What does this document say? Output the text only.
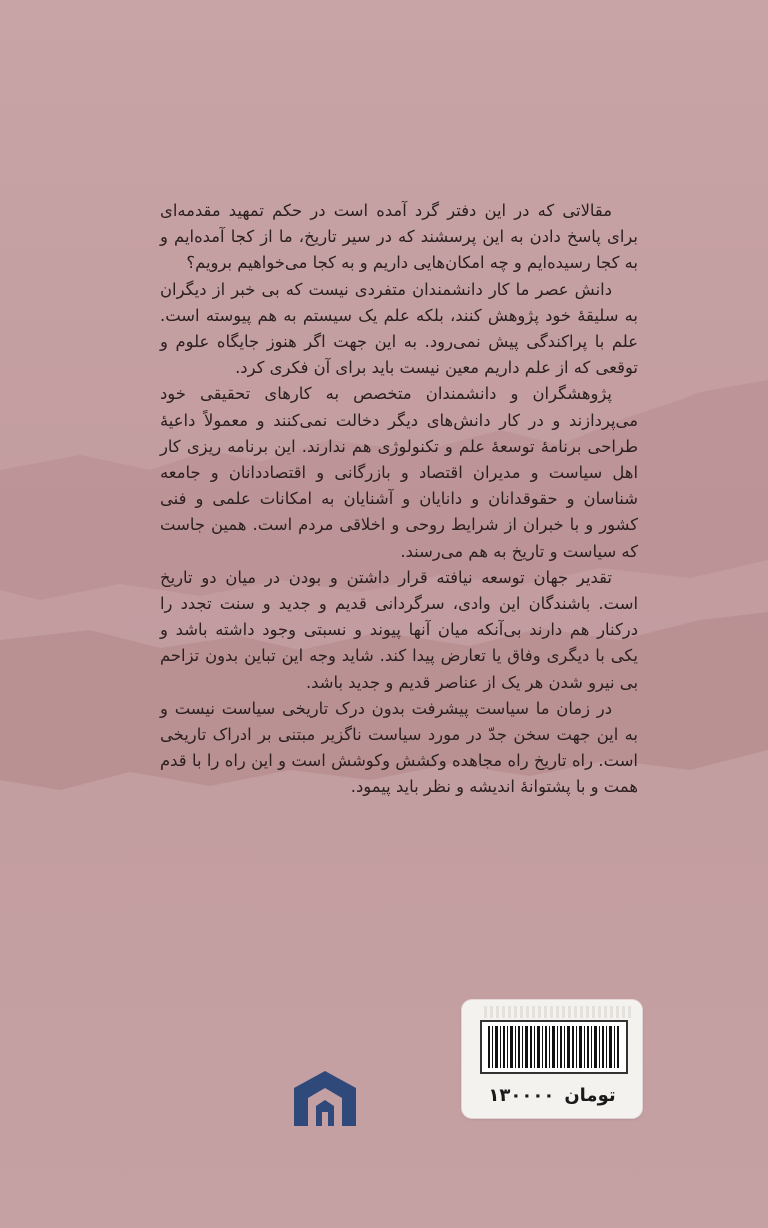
مقالاتی که در این دفتر گرد آمده است در حکم تمهید مقدمه‌ای برای پاسخ دادن به این پرسشند که در سیر تاریخ، ما از کجا آمده‌ایم و به کجا رسیده‌ایم و چه امکان‌هایی داریم و به کجا می‌خواهیم برویم؟

دانش عصر ما کار دانشمندان متفردی نیست که بی خبر از دیگران به سلیقهٔ خود پژوهش کنند، بلکه علم یک سیستم به هم پیوسته است. علم با پراکندگی پیش نمی‌رود. به این جهت اگر هنوز جایگاه علوم و توقعی که از علم داریم معین نیست باید برای آن فکری کرد.

پژوهشگران و دانشمندان متخصص به کارهای تحقیقی خود می‌پردازند و در کار دانش‌های دیگر دخالت نمی‌کنند و معمولاً داعیهٔ طراحی برنامهٔ توسعهٔ علم و تکنولوژی هم ندارند. این برنامه ریزی کار اهل سیاست و مدیران اقتصاد و بازرگانی و اقتصاددانان و جامعه شناسان و حقوقدانان و دانایان و آشنایان به امکانات علمی و فنی کشور و با خبران از شرایط روحی و اخلاقی مردم است. همین جاست که سیاست و تاریخ به هم می‌رسند.

تقدیر جهان توسعه نیافته قرار داشتن و بودن در میان دو تاریخ است. باشندگان این وادی، سرگردانی قدیم و جدید و سنت تجدد را درکنار هم دارند بی‌آنکه میان آنها پیوند و نسبتی وجود داشته باشد و یکی با دیگری وفاق یا تعارض پیدا کند. شاید وجه این تباین بدون تزاحم بی نیرو شدن هر یک از عناصر قدیم و جدید باشد.

در زمان ما سیاست پیشرفت بدون درک تاریخی سیاست نیست و به این جهت سخن جدّ در مورد سیاست ناگزیر مبتنی بر ادراک تاریخی است. راه تاریخ راه مجاهده وکشش وکوشش است و این راه را با قدم همت و با پشتوانهٔ اندیشه و نظر باید پیمود.

۱۳۰۰۰۰ تومان
